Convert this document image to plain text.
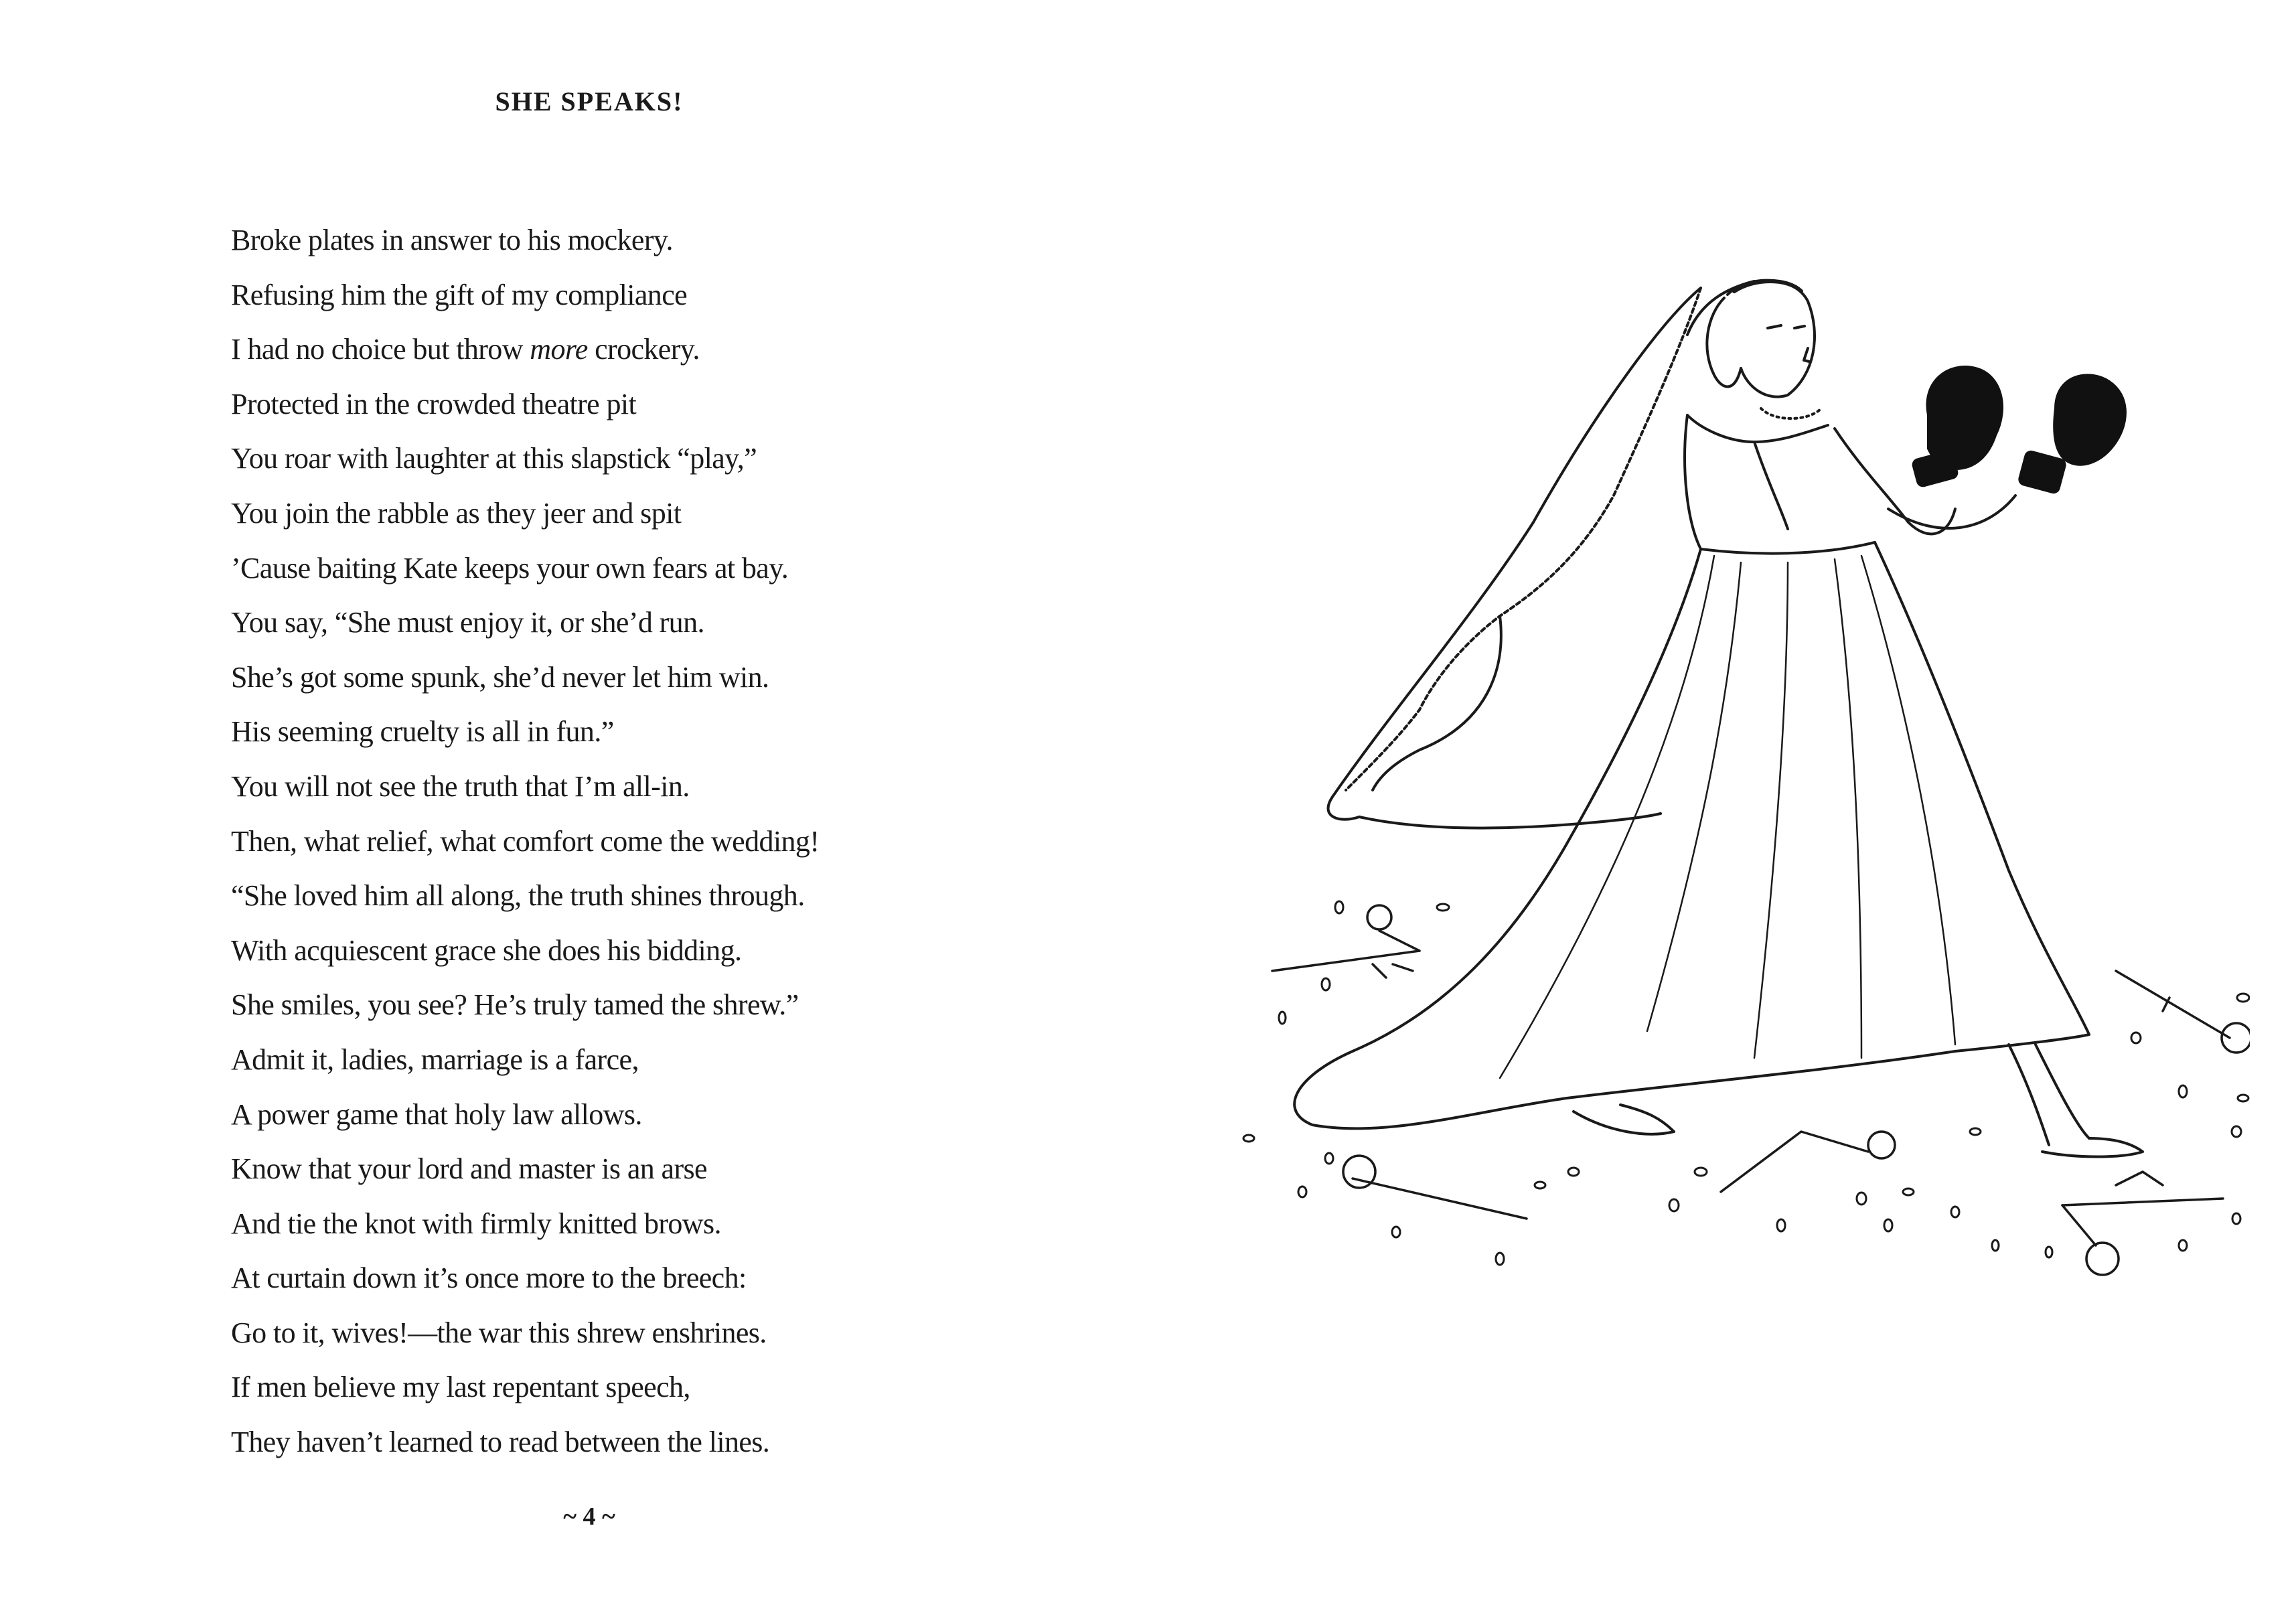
SHE SPEAKS!
Broke plates in answer to his mockery.
Refusing him the gift of my compliance
I had no choice but throw more crockery.
Protected in the crowded theatre pit
You roar with laughter at this slapstick “play,”
You join the rabble as they jeer and spit
’Cause baiting Kate keeps your own fears at bay.
You say, “She must enjoy it, or she’d run.
She’s got some spunk, she’d never let him win.
His seeming cruelty is all in fun.”
You will not see the truth that I’m all-in.
Then, what relief, what comfort come the wedding!
“She loved him all along, the truth shines through.
With acquiescent grace she does his bidding.
She smiles, you see? He’s truly tamed the shrew.”
Admit it, ladies, marriage is a farce,
A power game that holy law allows.
Know that your lord and master is an arse
And tie the knot with firmly knitted brows.
At curtain down it’s once more to the breech:
Go to it, wives!—the war this shrew enshrines.
If men believe my last repentant speech,
They haven’t learned to read between the lines.
~ 4 ~
